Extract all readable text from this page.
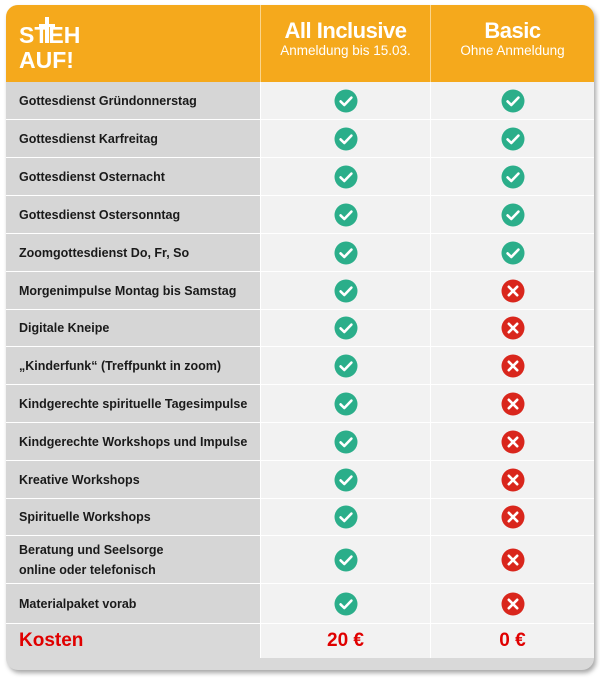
STEH
AUF!
All Inclusive
Anmeldung bis 15.03.
Basic
Ohne Anmeldung
Gottesdienst Gründonnerstag
Gottesdienst Karfreitag
Gottesdienst Osternacht
Gottesdienst Ostersonntag
Zoomgottesdienst Do, Fr, So
Morgenimpulse Montag bis Samstag
Digitale Kneipe
„Kinderfunk“ (Treffpunkt in zoom)
Kindgerechte spirituelle Tagesimpulse
Kindgerechte Workshops und Impulse
Kreative Workshops
Spirituelle Workshops
Beratung und Seelsorge
online oder telefonisch
Materialpaket vorab
Kosten	20 €	0 €
